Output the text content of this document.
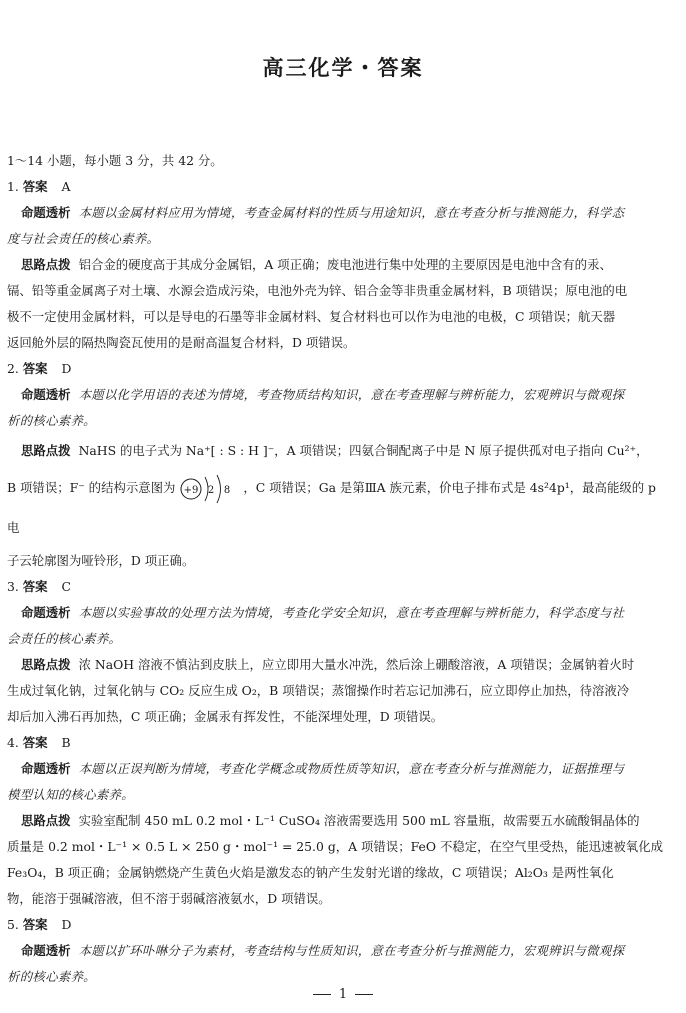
高三化学・答案
1～14 小题，每小题 3 分，共 42 分。
1. 答案 A
命题透析 本题以金属材料应用为情境，考查金属材料的性质与用途知识，意在考查分析与推测能力，科学态
度与社会责任的核心素养。
思路点拨 铝合金的硬度高于其成分金属铝，A 项正确；废电池进行集中处理的主要原因是电池中含有的汞、
镉、铅等重金属离子对土壤、水源会造成污染，电池外壳为锌、铝合金等非贵重金属材料，B 项错误；原电池的电
极不一定使用金属材料，可以是导电的石墨等非金属材料、复合材料也可以作为电池的电极，C 项错误；航天器
返回舱外层的隔热陶瓷瓦使用的是耐高温复合材料，D 项错误。
2. 答案 D
命题透析 本题以化学用语的表述为情境，考查物质结构知识，意在考查理解与辨析能力，宏观辨识与微观探
析的核心素养。
思路点拨 NaHS 的电子式为 Na⁺[ : S : H ]⁻，A 项错误；四氨合铜配离子中是 N 原子提供孤对电子指向 Cu²⁺，
B 项错误；F⁻ 的结构示意图为 +9 2 8 ，C 项错误；Ga 是第ⅢA 族元素，价电子排布式是 4s²4p¹，最高能级的 p 电
子云轮廓图为哑铃形，D 项正确。
3. 答案 C
命题透析 本题以实验事故的处理方法为情境，考查化学安全知识，意在考查理解与辨析能力，科学态度与社
会责任的核心素养。
思路点拨 浓 NaOH 溶液不慎沾到皮肤上，应立即用大量水冲洗，然后涂上硼酸溶液，A 项错误；金属钠着火时
生成过氧化钠，过氧化钠与 CO₂ 反应生成 O₂，B 项错误；蒸馏操作时若忘记加沸石，应立即停止加热，待溶液冷
却后加入沸石再加热，C 项正确；金属汞有挥发性，不能深埋处理，D 项错误。
4. 答案 B
命题透析 本题以正误判断为情境，考查化学概念或物质性质等知识，意在考查分析与推测能力，证据推理与
模型认知的核心素养。
思路点拨 实验室配制 450 mL 0.2 mol・L⁻¹ CuSO₄ 溶液需要选用 500 mL 容量瓶，故需要五水硫酸铜晶体的
质量是 0.2 mol・L⁻¹ × 0.5 L × 250 g・mol⁻¹ = 25.0 g，A 项错误；FeO 不稳定，在空气里受热，能迅速被氧化成
Fe₃O₄，B 项正确；金属钠燃烧产生黄色火焰是激发态的钠产生发射光谱的缘故，C 项错误；Al₂O₃ 是两性氧化
物，能溶于强碱溶液，但不溶于弱碱溶液氨水，D 项错误。
5. 答案 D
命题透析 本题以扩环卟啉分子为素材，考查结构与性质知识，意在考查分析与推测能力，宏观辨识与微观探
析的核心素养。
1
